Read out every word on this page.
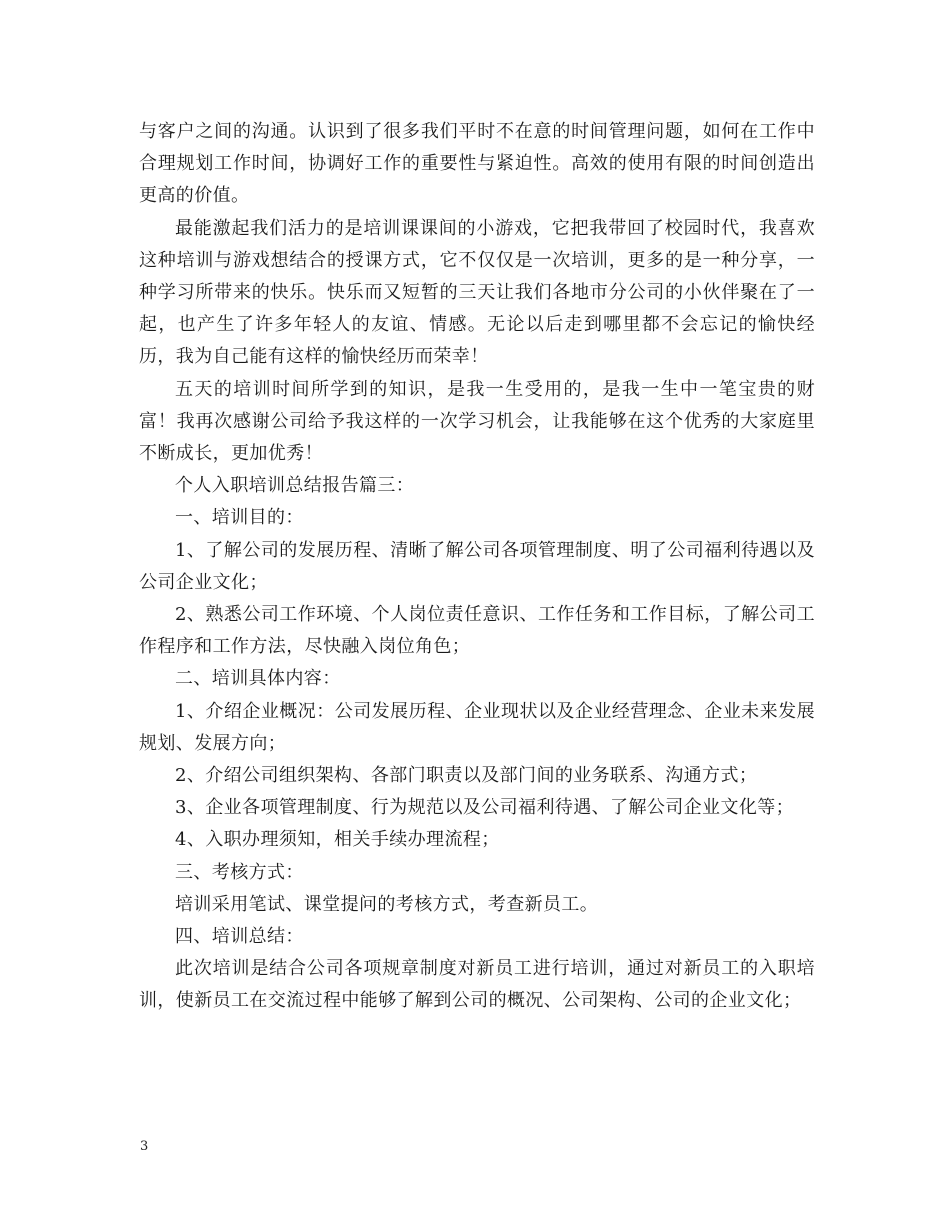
与客户之间的沟通。认识到了很多我们平时不在意的时间管理问题，如何在工作中合理规划工作时间，协调好工作的重要性与紧迫性。高效的使用有限的时间创造出更高的价值。

最能激起我们活力的是培训课课间的小游戏，它把我带回了校园时代，我喜欢这种培训与游戏想结合的授课方式，它不仅仅是一次培训，更多的是一种分享，一种学习所带来的快乐。快乐而又短暂的三天让我们各地市分公司的小伙伴聚在了一起，也产生了许多年轻人的友谊、情感。无论以后走到哪里都不会忘记的愉快经历，我为自己能有这样的愉快经历而荣幸！

五天的培训时间所学到的知识，是我一生受用的，是我一生中一笔宝贵的财富！我再次感谢公司给予我这样的一次学习机会，让我能够在这个优秀的大家庭里不断成长，更加优秀！

个人入职培训总结报告篇三：

一、培训目的：

1、了解公司的发展历程、清晰了解公司各项管理制度、明了公司福利待遇以及公司企业文化；

2、熟悉公司工作环境、个人岗位责任意识、工作任务和工作目标，了解公司工作程序和工作方法，尽快融入岗位角色；

二、培训具体内容：

1、介绍企业概况：公司发展历程、企业现状以及企业经营理念、企业未来发展规划、发展方向；

2、介绍公司组织架构、各部门职责以及部门间的业务联系、沟通方式；

3、企业各项管理制度、行为规范以及公司福利待遇、了解公司企业文化等；

4、入职办理须知，相关手续办理流程；

三、考核方式：

培训采用笔试、课堂提问的考核方式，考查新员工。

四、培训总结：

此次培训是结合公司各项规章制度对新员工进行培训，通过对新员工的入职培训，使新员工在交流过程中能够了解到公司的概况、公司架构、公司的企业文化；

3
